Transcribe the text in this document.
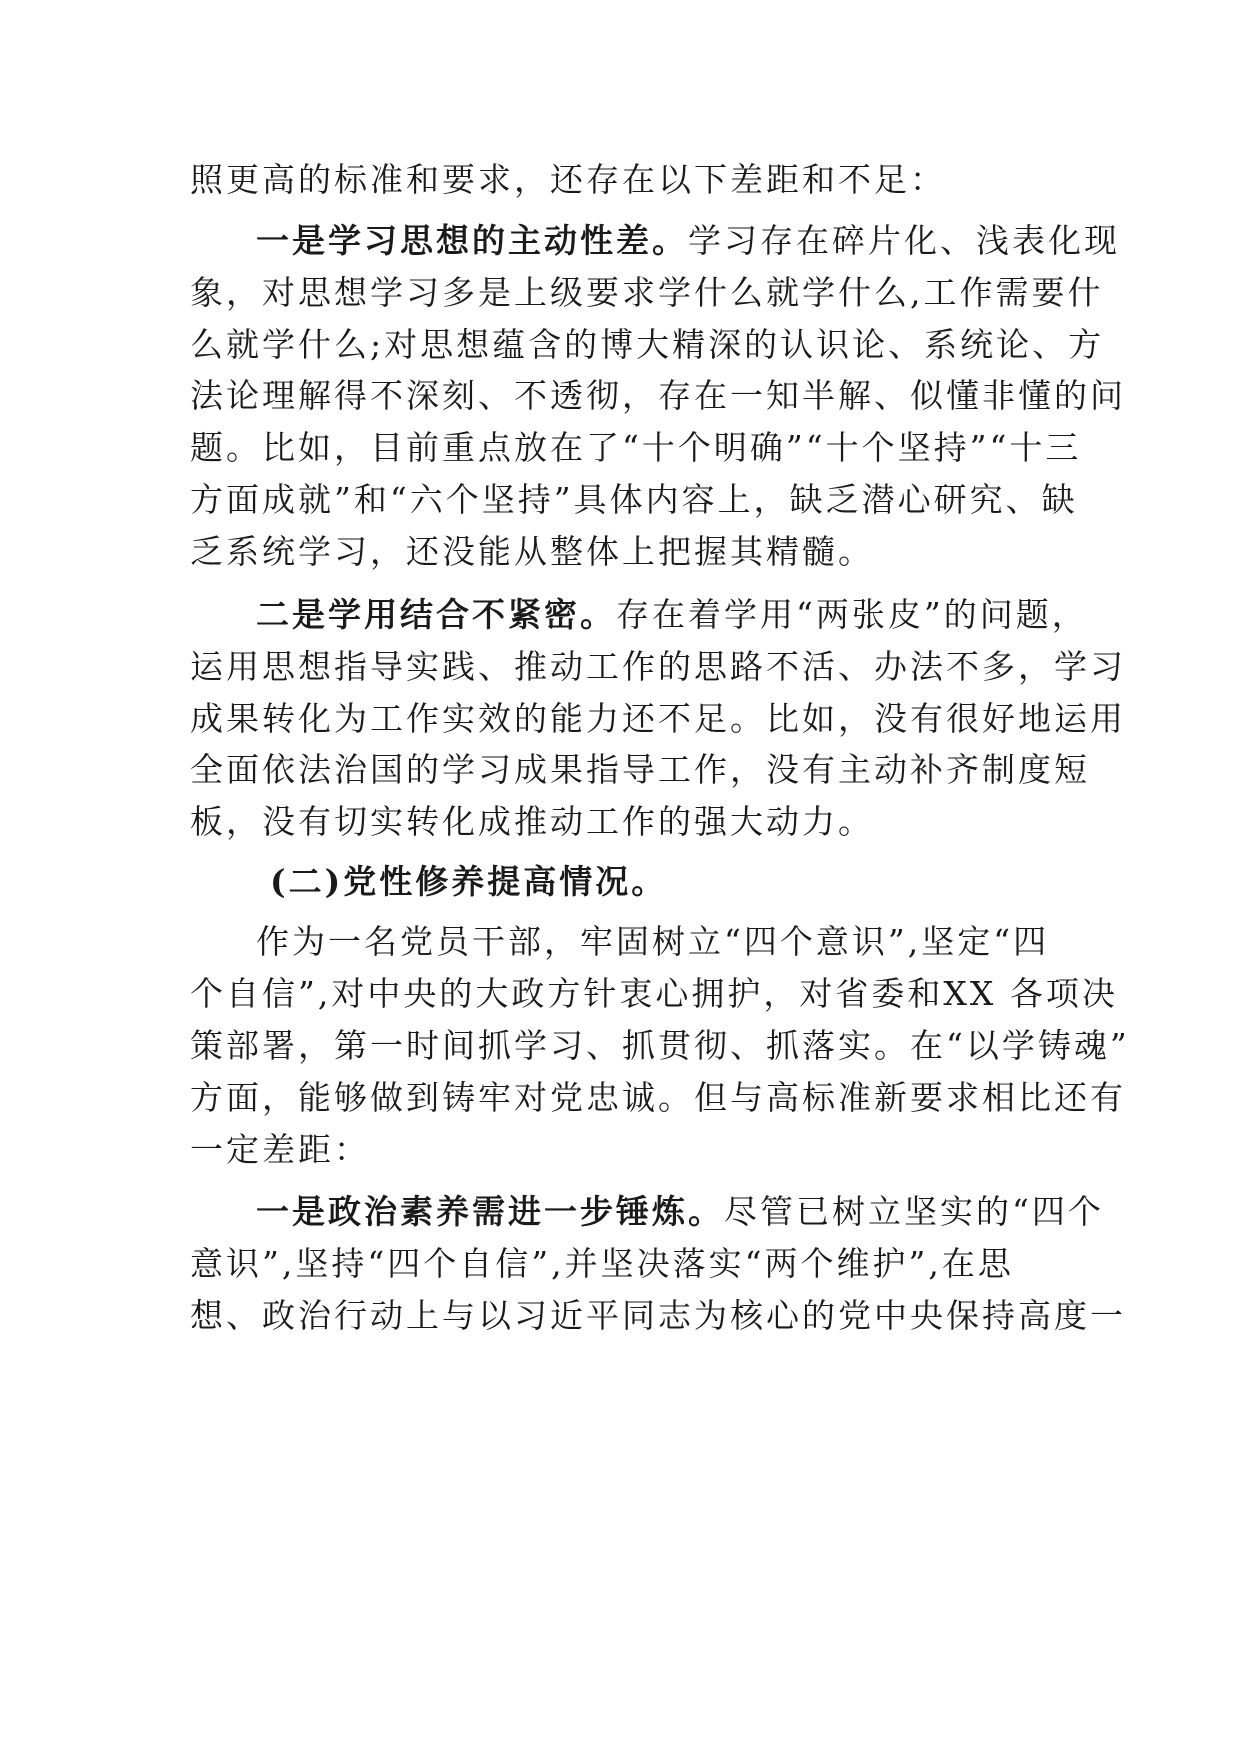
照更高的标准和要求，还存在以下差距和不足：
一是学习思想的主动性差。学习存在碎片化、浅表化现
象，对思想学习多是上级要求学什么就学什么,工作需要什
么就学什么;对思想蕴含的博大精深的认识论、系统论、方
法论理解得不深刻、不透彻，存在一知半解、似懂非懂的问
题。比如，目前重点放在了“十个明确”“十个坚持”“十三
方面成就”和“六个坚持”具体内容上，缺乏潜心研究、缺
乏系统学习，还没能从整体上把握其精髓。
二是学用结合不紧密。存在着学用“两张皮”的问题，
运用思想指导实践、推动工作的思路不活、办法不多，学习
成果转化为工作实效的能力还不足。比如，没有很好地运用
全面依法治国的学习成果指导工作，没有主动补齐制度短
板，没有切实转化成推动工作的强大动力。
(二)党性修养提高情况。
作为一名党员干部，牢固树立“四个意识”,坚定“四
个自信”,对中央的大政方针衷心拥护，对省委和XX 各项决
策部署，第一时间抓学习、抓贯彻、抓落实。在“以学铸魂”
方面，能够做到铸牢对党忠诚。但与高标准新要求相比还有
一定差距：
一是政治素养需进一步锤炼。尽管已树立坚实的“四个
意识”,坚持“四个自信”,并坚决落实“两个维护”,在思
想、政治行动上与以习近平同志为核心的党中央保持高度一
